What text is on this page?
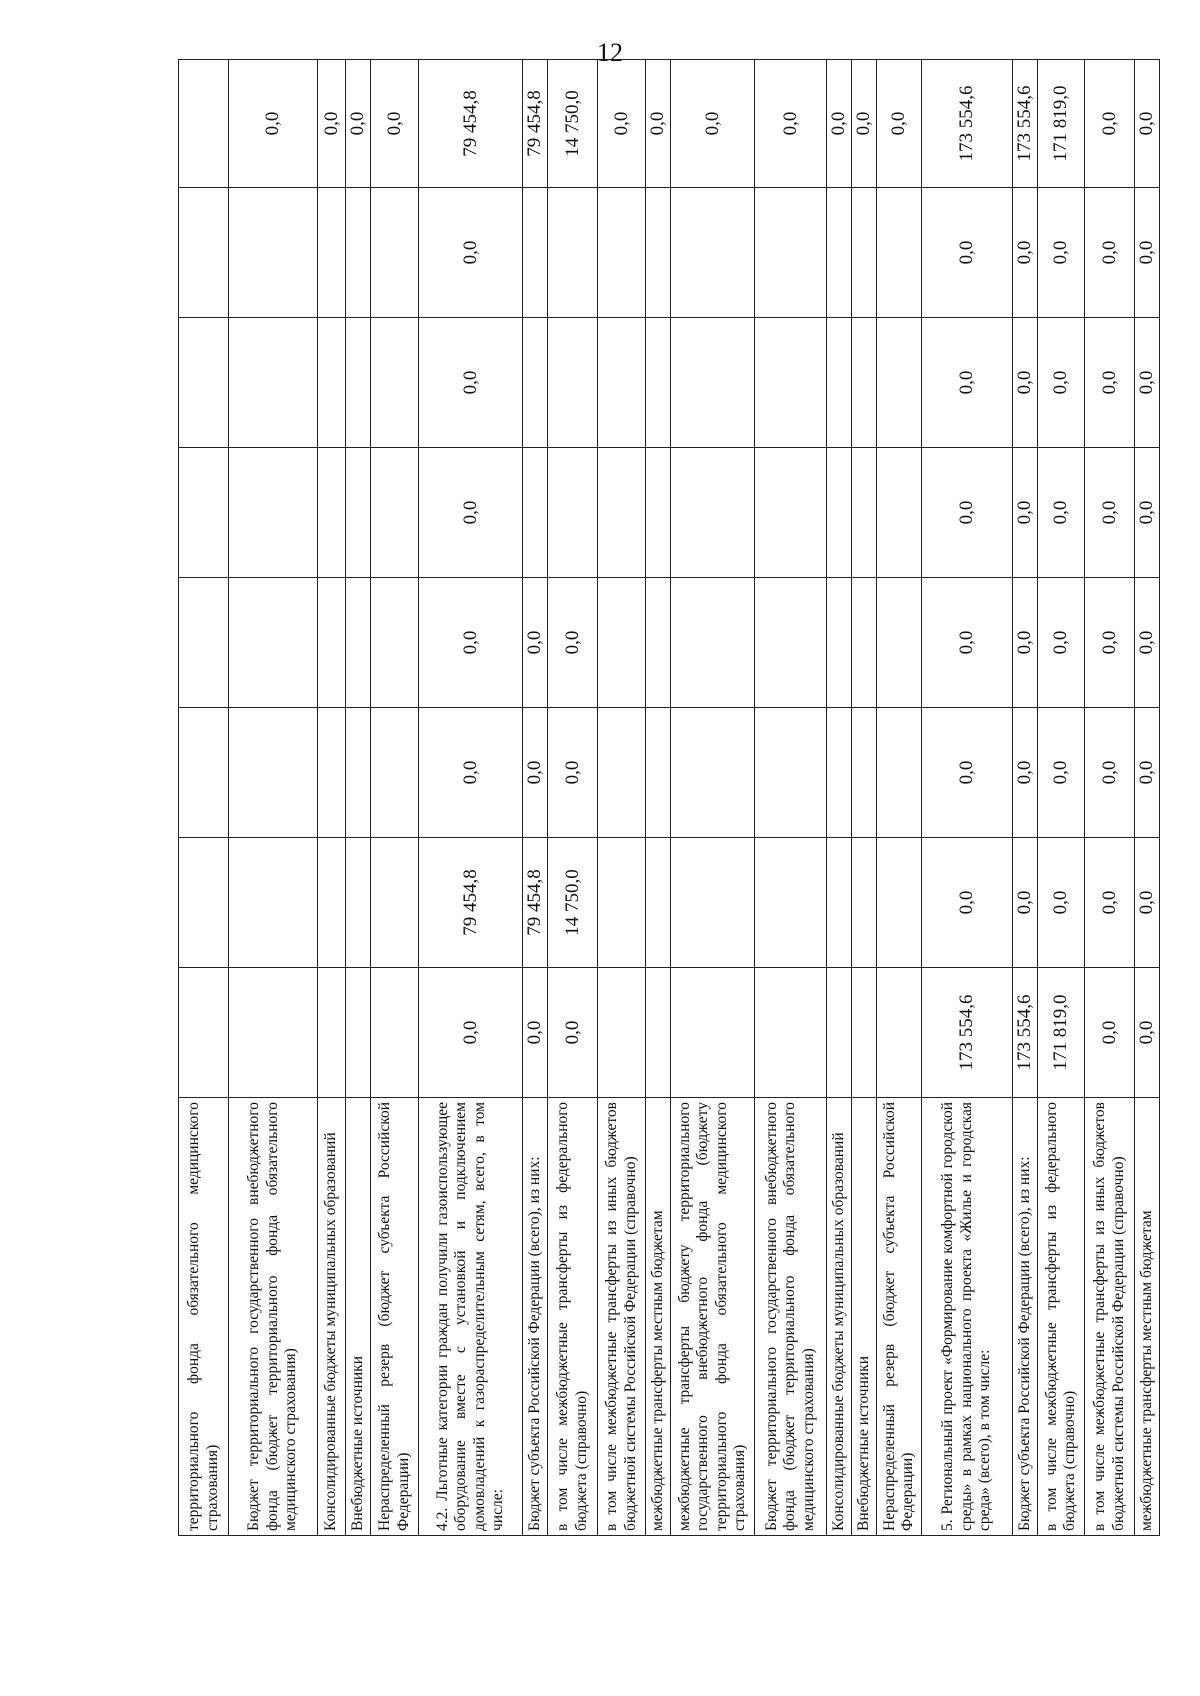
12
территориального фонда обязательного медицинского страхования)								
Бюджет территориального государственного внебюджетного фонда (бюджет территориального фонда обязательного медицинского страхования)								0,0
Консолидированные бюджеты муниципальных образований								0,0
Внебюджетные источники								0,0
Нераспределенный резерв (бюджет субъекта Российской Федерации)								0,0
4.2. Льготные категории граждан получили газоиспользующее оборудование вместе с установкой и подключением домовладений к газораспределительным сетям, всего, в том числе:	0,0	79 454,8	0,0	0,0	0,0	0,0	0,0	79 454,8
Бюджет субъекта Российской Федерации (всего), из них:	0,0	79 454,8	0,0	0,0				79 454,8
в том числе межбюджетные трансферты из федерального бюджета (справочно)	0,0	14 750,0	0,0	0,0				14 750,0
в том числе межбюджетные трансферты из иных бюджетов бюджетной системы Российской Федерации (справочно)								0,0
межбюджетные трансферты местным бюджетам								0,0
межбюджетные трансферты бюджету территориального государственного внебюджетного фонда (бюджету территориального фонда обязательного медицинского страхования)								0,0
Бюджет территориального государственного внебюджетного фонда (бюджет территориального фонда обязательного медицинского страхования)								0,0
Консолидированные бюджеты муниципальных образований								0,0
Внебюджетные источники								0,0
Нераспределенный резерв (бюджет субъекта Российской Федерации)								0,0
5. Региональный проект «Формирование комфортной городской среды» в рамках национального проекта «Жилье и городская среда» (всего), в том числе:	173 554,6	0,0	0,0	0,0	0,0	0,0	0,0	173 554,6
Бюджет субъекта Российской Федерации (всего), из них:	173 554,6	0,0	0,0	0,0	0,0	0,0	0,0	173 554,6
в том числе межбюджетные трансферты из федерального бюджета (справочно)	171 819,0	0,0	0,0	0,0	0,0	0,0	0,0	171 819,0
в том числе межбюджетные трансферты из иных бюджетов бюджетной системы Российской Федерации (справочно)	0,0	0,0	0,0	0,0	0,0	0,0	0,0	0,0
межбюджетные трансферты местным бюджетам	0,0	0,0	0,0	0,0	0,0	0,0	0,0	0,0
